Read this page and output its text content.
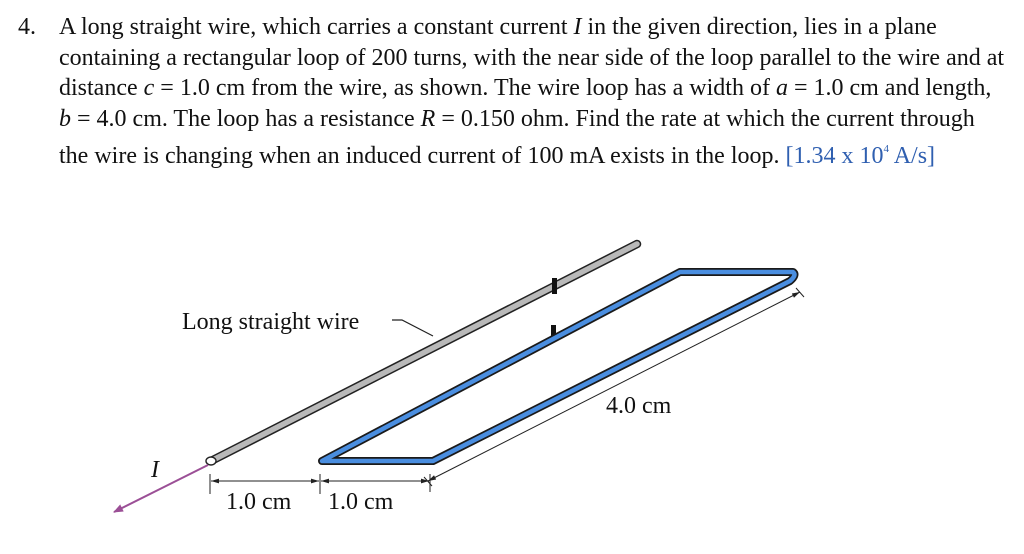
4. A long straight wire, which carries a constant current I in the given direction, lies in a plane containing a rectangular loop of 200 turns, with the near side of the loop parallel to the wire and at distance c = 1.0 cm from the wire, as shown. The wire loop has a width of a = 1.0 cm and length, b = 4.0 cm. The loop has a resistance R = 0.150 ohm. Find the rate at which the current through the wire is changing when an induced current of 100 mA exists in the loop. [1.34 x $10^4$ A/s]
Long straight wire
I
4.0 cm
1.0 cm 1.0 cm
